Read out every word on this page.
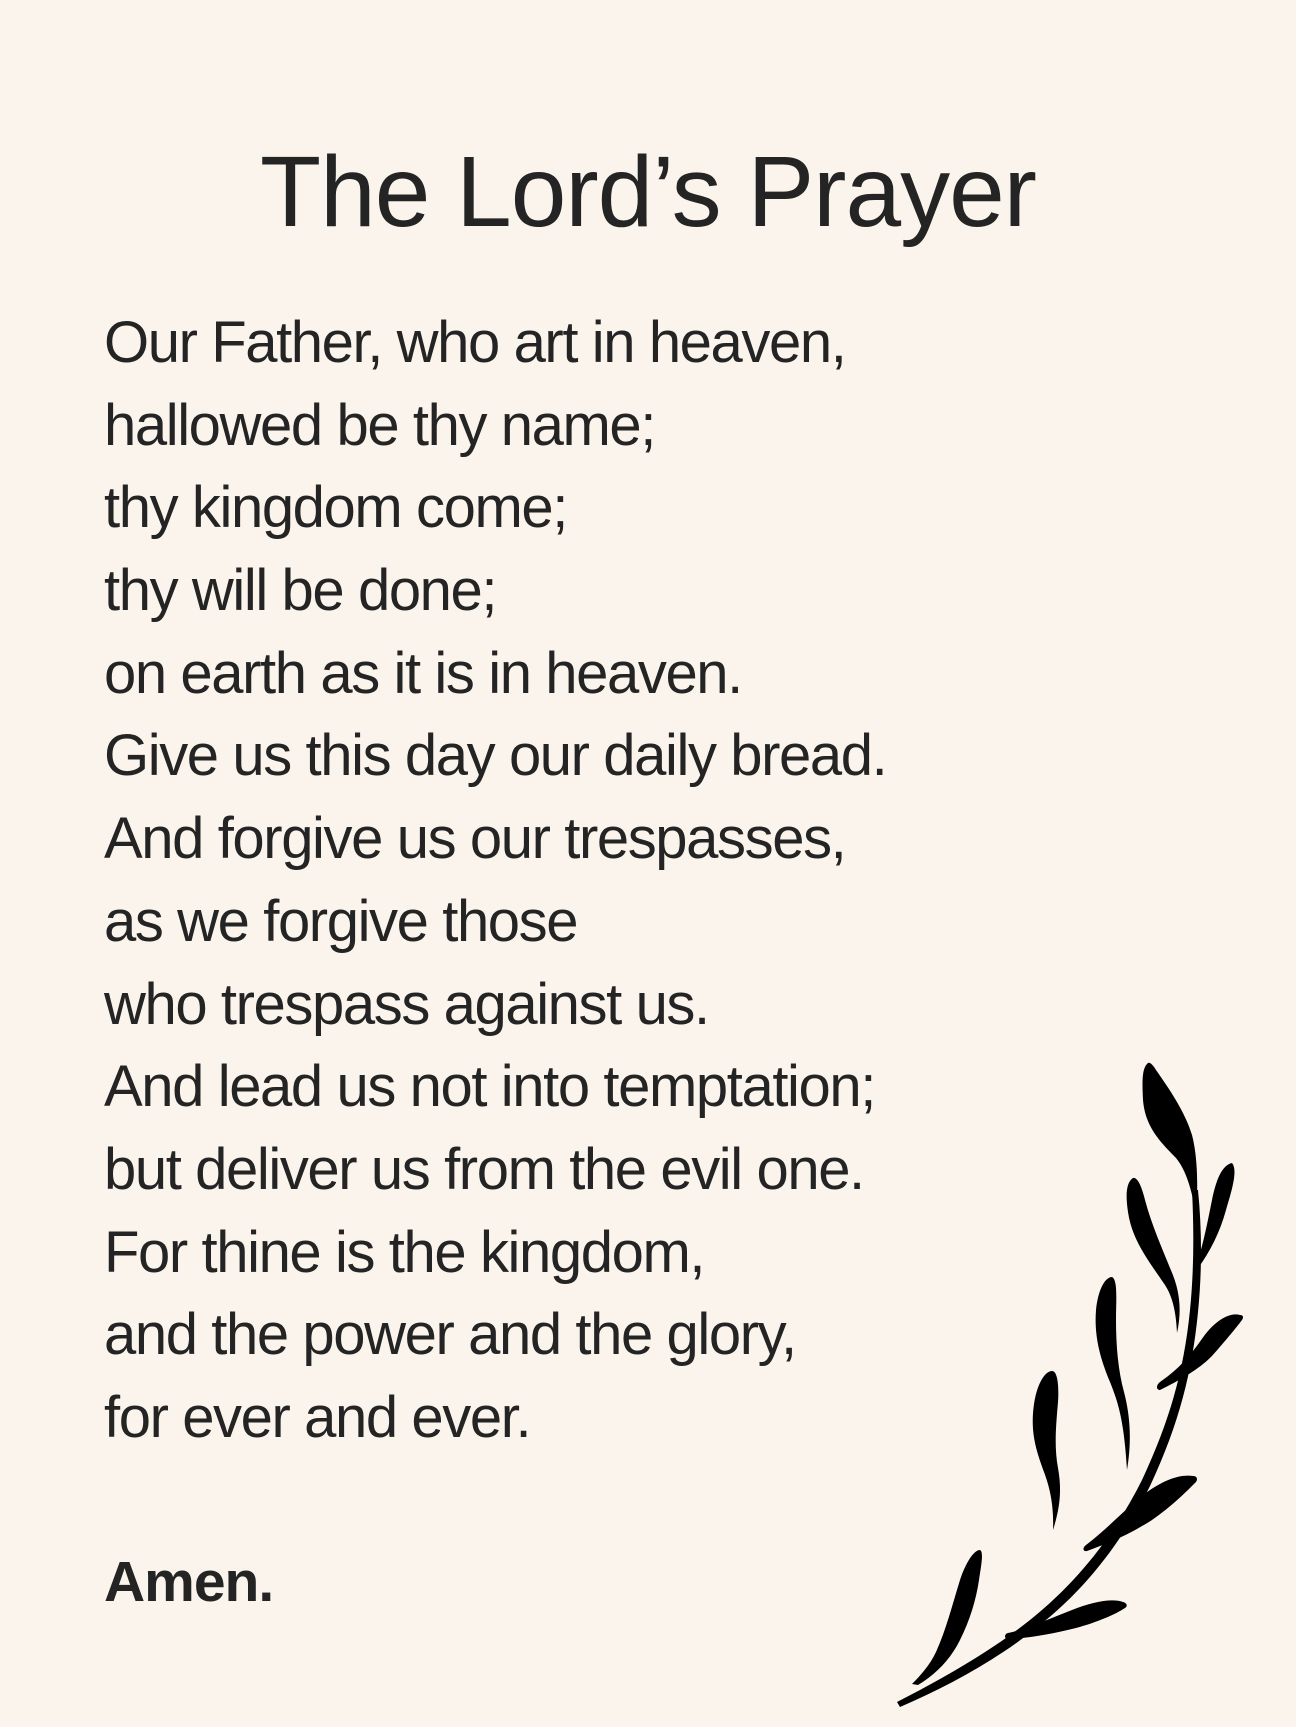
The Lord’s Prayer
Our Father, who art in heaven,
hallowed be thy name;
thy kingdom come;
thy will be done;
on earth as it is in heaven.
Give us this day our daily bread.
And forgive us our trespasses,
as we forgive those
who trespass against us.
And lead us not into temptation;
but deliver us from the evil one.
For thine is the kingdom,
and the power and the glory,
for ever and ever.

Amen.
